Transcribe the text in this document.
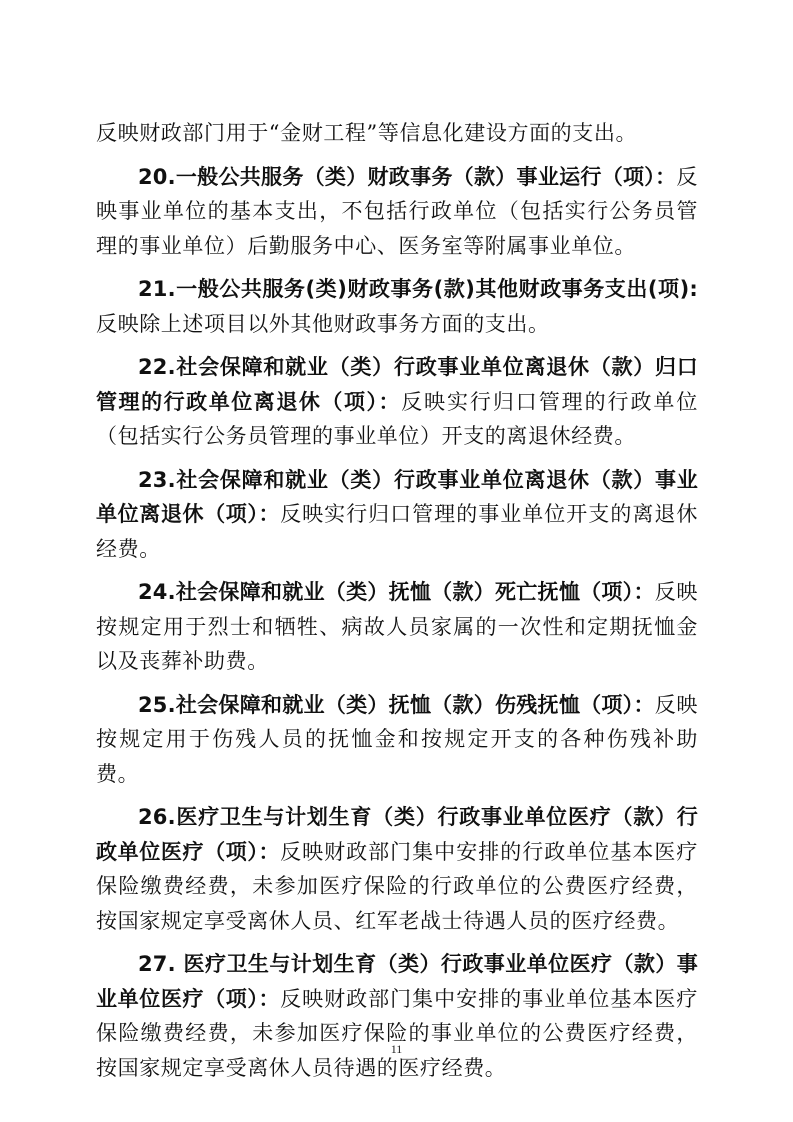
反映财政部门用于“金财工程”等信息化建设方面的支出。

20.一般公共服务（类）财政事务（款）事业运行（项）：反映事业单位的基本支出，不包括行政单位（包括实行公务员管理的事业单位）后勤服务中心、医务室等附属事业单位。

21.一般公共服务(类)财政事务(款)其他财政事务支出(项):反映除上述项目以外其他财政事务方面的支出。

22.社会保障和就业（类）行政事业单位离退休（款）归口管理的行政单位离退休（项）：反映实行归口管理的行政单位（包括实行公务员管理的事业单位）开支的离退休经费。

23.社会保障和就业（类）行政事业单位离退休（款）事业单位离退休（项）：反映实行归口管理的事业单位开支的离退休经费。

24.社会保障和就业（类）抚恤（款）死亡抚恤（项）：反映按规定用于烈士和牺牲、病故人员家属的一次性和定期抚恤金以及丧葬补助费。

25.社会保障和就业（类）抚恤（款）伤残抚恤（项）：反映按规定用于伤残人员的抚恤金和按规定开支的各种伤残补助费。

26.医疗卫生与计划生育（类）行政事业单位医疗（款）行政单位医疗（项）：反映财政部门集中安排的行政单位基本医疗保险缴费经费，未参加医疗保险的行政单位的公费医疗经费，按国家规定享受离休人员、红军老战士待遇人员的医疗经费。

27. 医疗卫生与计划生育（类）行政事业单位医疗（款）事业单位医疗（项）：反映财政部门集中安排的事业单位基本医疗保险缴费经费，未参加医疗保险的事业单位的公费医疗经费，按国家规定享受离休人员待遇的医疗经费。

11
